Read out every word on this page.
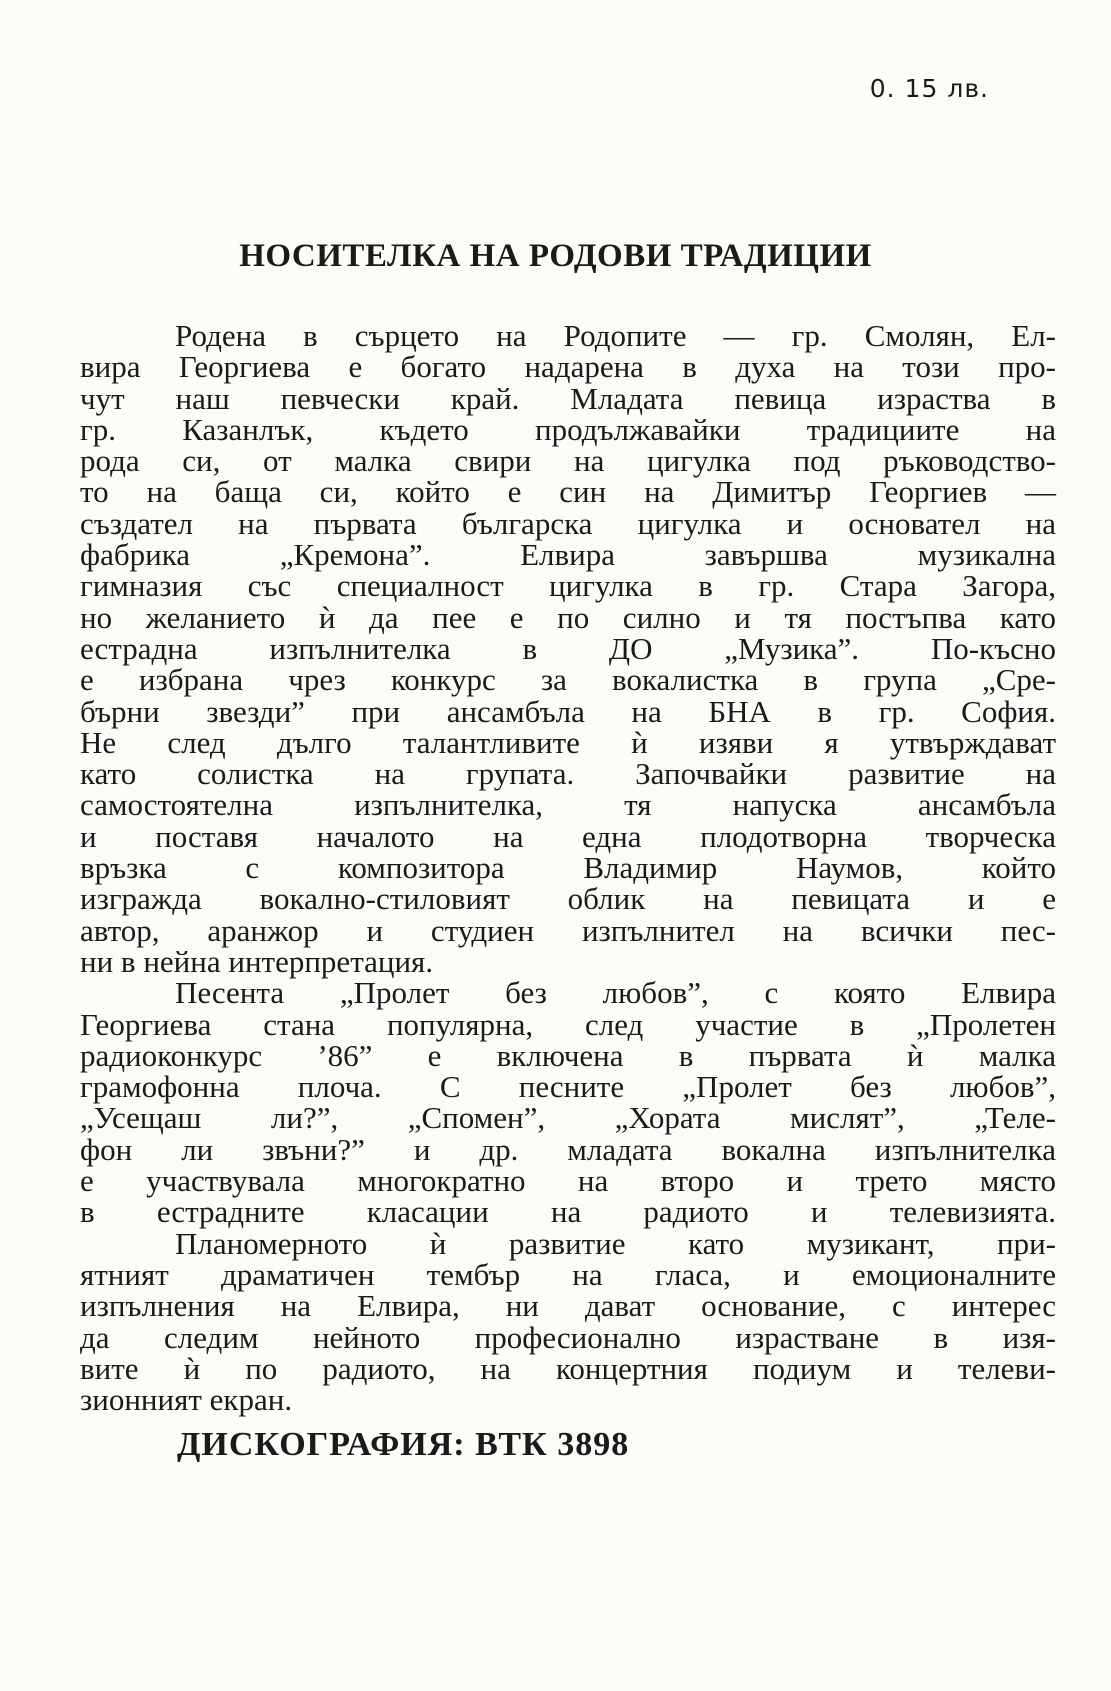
0. 15 лв.
НОСИТЕЛКА НА РОДОВИ ТРАДИЦИИ
Родена в сърцето на Родопите — гр. Смолян, Ел-
вира Георгиева е богато надарена в духа на този про-
чут наш певчески край. Младата певица израства в
гр. Казанлък, където продължавайки традициите на
рода си, от малка свири на цигулка под ръководство-
то на баща си, който е син на Димитър Георгиев —
създател на първата българска цигулка и основател на
фабрика „Кремона”. Елвира завършва музикална
гимназия със специалност цигулка в гр. Стара Загора,
но желанието ѝ да пее е по силно и тя постъпва като
естрадна изпълнителка в ДО „Музика”. По-късно
е избрана чрез конкурс за вокалистка в група „Сре-
бърни звезди” при ансамбъла на БНА в гр. София.
Не след дълго талантливите ѝ изяви я утвърждават
като солистка на групата. Започвайки развитие на
самостоятелна изпълнителка, тя напуска ансамбъла
и поставя началото на една плодотворна творческа
връзка с композитора Владимир Наумов, който
изгражда вокално-стиловият облик на певицата и е
автор, аранжор и студиен изпълнител на всички пес-
ни в нейна интерпретация.
Песента „Пролет без любов”, с която Елвира
Георгиева стана популярна, след участие в „Пролетен
радиоконкурс ’86” е включена в първата ѝ малка
грамофонна плоча. С песните „Пролет без любов”,
„Усещаш ли?”, „Спомен”, „Хората мислят”, „Теле-
фон ли звъни?” и др. младата вокална изпълнителка
е участвувала многократно на второ и трето място
в естрадните класации на радиото и телевизията.
Планомерното ѝ развитие като музикант, при-
ятният драматичен тембър на гласа, и емоционалните
изпълнения на Елвира, ни дават основание, с интерес
да следим нейното професионално израстване в изя-
вите ѝ по радиото, на концертния подиум и телеви-
зионният екран.
ДИСКОГРАФИЯ: ВТК 3898
